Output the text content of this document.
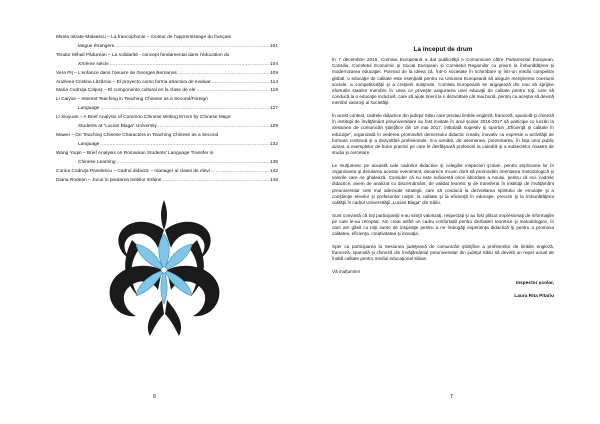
Mirela Istrate-Malaescu – La francophonie – moteur de l’apprentissage du français
langue étrangère .....	101
Teodor Mihail Pădurean – La solidarité - concept fondamental dans l’éducation du
XXIème siècle .....	104
Vera Piţ – L’enfance dans l’oeuvre de Georges Bernanos .....	109
Andreea Cristina Lăzăroiu – El proyecto como forma atractiva de evaluar .....	114
Maria Codruţa Colpoş – El componente cultural en la clase de ele .....	119
Li Caiyue – Interest Teaching in Teaching Chinese as a Second/Foreign
Language .....	127
Li Xiuyuan – A Brief Analysis of Common Chinese Writing Errors by Chinese Major
Students at “Lucian Blaga” University .....	129
Mawei – On Teaching Chinese Characters in Teaching Chinese as a Second
Language .....	132
Wang Yuqin – Brief Analysis on Romanian Students’ Language Transfer in
Chinese Learning .....	135
Corina Codruţa Pavelescu – Cadrul didactic – manager al clasei de elevi .....	142
Diana Rodean – Jocul în predarea limbilor străine .....	149
6
La început de drum

În 7 decembrie 2016, Comisia Europeană a dat publicităţii o Comunicare către Parlamentul European, Consiliu, Comitetul Economic şi Social European şi Comitetul Regiunilor cu privire la îmbunătăţirea şi modernizarea educaţiei. Pornind de la ideea că, într-o societate în schimbare şi într-un mediu competitiv global, o educaţie de calitate este esenţială pentru ca Uniunea Europeană să asigure menţinerea coeziunii sociale, a competitivităţii şi a creşterii susţinute, Comisia Europeană se angajează din nou să sprijine eforturile statelor membre în ceea ce priveşte asigurarea unei educaţii de calitate pentru toţi, care să conducă la o educaţie incluzivă, care să ajute tinerii la o dezvoltare cât mai bună, pentru ca aceştia să devină membri valoroşi ai societăţii.

În acest context, cadrele didactice din judeţul Sibiu care predau limbile engleză, franceză, spaniolă şi chineză în instituţii de învăţământ preuniversitare au fost invitate în anul şcolar 2016-2017 să participe cu lucrări la Sesiunea de comunicări ştiinţifice din 19 mai 2017, intitulată sugestiv şi oportun „Eficienţă şi calitate în educaţie”, organizată în vederea promovării demersului didactic creativ, inovativ cu expresie a activităţii de formare continuă şi a dezvoltării profesionale. S-a urmărit, de asemenea, prezentarea, în fața unui public avizat, a exemplelor de bune practici pe care le desfăşoară profesorii la catedră şi a subiectelor noastre de studiu şi cercetare.

Le mulţumesc pe această cale cadrelor didactice şi colegilor inspectori şcolari, pentru implicarea lor în organizarea şi derularea acestui eveniment, deoarece mi-am dorit să promovăm orientarea metodologică şi valorile care ne ghidează. Consider că nu este suficientă orice abordare a noului, pentru că noi, cadrele didactice, avem de analizat cu discernământ, de validat teoretic şi de transferat în instituţii de învăţământ preuniversitar cele mai adecvate strategii, care să conducă la dezvoltarea spiritului de emulaţie şi a conştiinţei elevilor şi profesorilor noştri, la calitate şi la eficienţă în educaţie, precum şi la îmbunătăţirea calităţii în cadrul Universităţii „Lucian Blaga” din Sibiu.

Sunt convinsă că toţi participanţii s-au simţit valorizaţi, respectaţi şi au fost plăcut impresionaţi de informaţiile pe care le-au receptat. Am creat astfel un cadru confortabil pentru dezbateri teoretice şi metodologice, în care am găsit cu toţii surse de inspiraţie pentru a ne îmbogăţi experienţa didactică şi pentru a promova calitatea, eficienţa, creativitatea şi inovaţia.

Sper ca participarea la Sesiunea judeţeană de comunicări ştiinţifice a profesorilor de limbile engleză, franceză, spaniolă şi chineză din învăţământul preuniversitar din judeţul Sibiu să devină un reper anual de înaltă calitate pentru mediul educaţional sibian.

Vă mulţumim!

Inspector şcolar,

Laura Rita Pitariu

7
